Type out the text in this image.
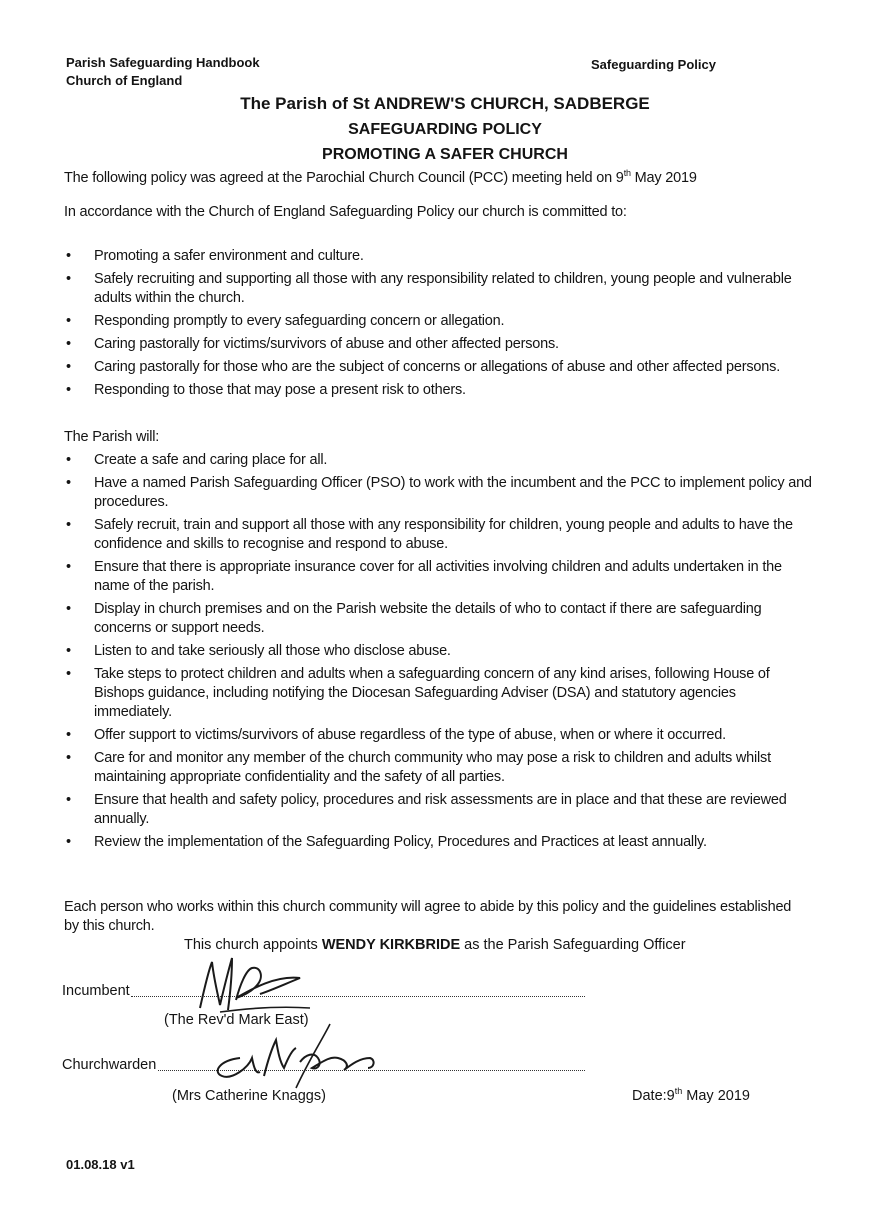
Parish Safeguarding Handbook
Church of England
Safeguarding Policy
The Parish of St ANDREW'S CHURCH, SADBERGE
SAFEGUARDING POLICY
PROMOTING A SAFER CHURCH
The following policy was agreed at the Parochial Church Council (PCC) meeting held on 9th May 2019
In accordance with the Church of England Safeguarding Policy our church is committed to:
• Promoting a safer environment and culture.
• Safely recruiting and supporting all those with any responsibility related to children, young people and vulnerable adults within the church.
• Responding promptly to every safeguarding concern or allegation.
• Caring pastorally for victims/survivors of abuse and other affected persons.
• Caring pastorally for those who are the subject of concerns or allegations of abuse and other affected persons.
• Responding to those that may pose a present risk to others.
The Parish will:
• Create a safe and caring place for all.
• Have a named Parish Safeguarding Officer (PSO) to work with the incumbent and the PCC to implement policy and procedures.
• Safely recruit, train and support all those with any responsibility for children, young people and adults to have the confidence and skills to recognise and respond to abuse.
• Ensure that there is appropriate insurance cover for all activities involving children and adults undertaken in the name of the parish.
• Display in church premises and on the Parish website the details of who to contact if there are safeguarding concerns or support needs.
• Listen to and take seriously all those who disclose abuse.
• Take steps to protect children and adults when a safeguarding concern of any kind arises, following House of Bishops guidance, including notifying the Diocesan Safeguarding Adviser (DSA) and statutory agencies immediately.
• Offer support to victims/survivors of abuse regardless of the type of abuse, when or where it occurred.
• Care for and monitor any member of the church community who may pose a risk to children and adults whilst maintaining appropriate confidentiality and the safety of all parties.
• Ensure that health and safety policy, procedures and risk assessments are in place and that these are reviewed annually.
• Review the implementation of the Safeguarding Policy, Procedures and Practices at least annually.
Each person who works within this church community will agree to abide by this policy and the guidelines established by this church.
This church appoints WENDY KIRKBRIDE as the Parish Safeguarding Officer
Incumbent
(The Rev'd Mark East)
Churchwarden
(Mrs Catherine Knaggs)	Date:9th May 2019
01.08.18 v1
